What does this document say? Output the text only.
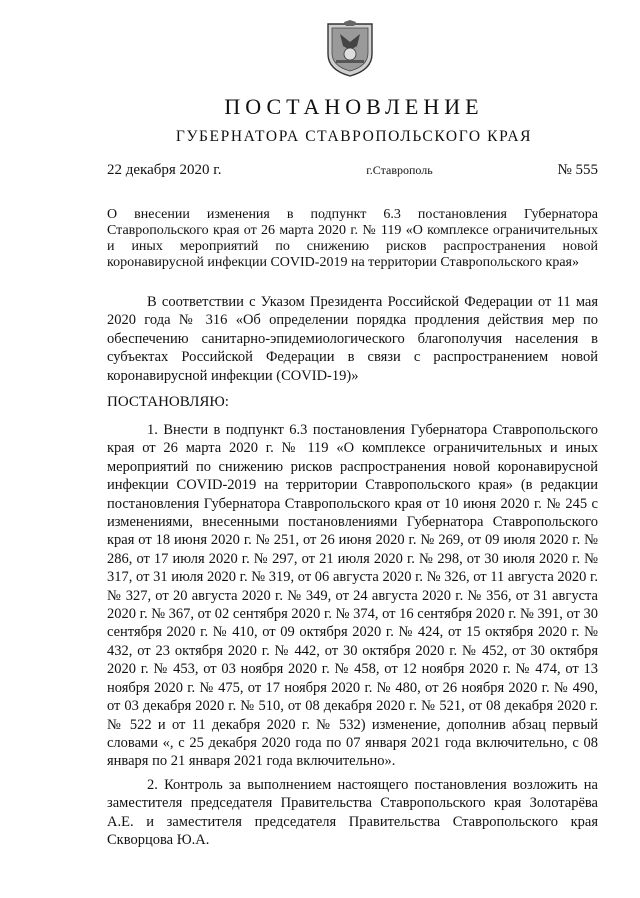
ПОСТАНОВЛЕНИЕ
ГУБЕРНАТОРА СТАВРОПОЛЬСКОГО КРАЯ
22 декабря 2020 г.	г.Ставрополь	№ 555

О внесении изменения в подпункт 6.3 постановления Губернатора Ставропольского края от 26 марта 2020 г. № 119 «О комплексе ограничительных и иных мероприятий по снижению рисков распространения новой коронавирусной инфекции COVID-2019 на территории Ставропольского края»

В соответствии с Указом Президента Российской Федерации от 11 мая 2020 года № 316 «Об определении порядка продления действия мер по обеспечению санитарно-эпидемиологического благополучия населения в субъектах Российской Федерации в связи с распространением новой коронавирусной инфекции (COVID-19)»

ПОСТАНОВЛЯЮ:

1. Внести в подпункт 6.3 постановления Губернатора Ставропольского края от 26 марта 2020 г. № 119 «О комплексе ограничительных и иных мероприятий по снижению рисков распространения новой коронавирусной инфекции COVID-2019 на территории Ставропольского края» (в редакции постановления Губернатора Ставропольского края от 10 июня 2020 г. № 245 с изменениями, внесенными постановлениями Губернатора Ставропольского края от 18 июня 2020 г. № 251, от 26 июня 2020 г. № 269, от 09 июля 2020 г. № 286, от 17 июля 2020 г. № 297, от 21 июля 2020 г. № 298, от 30 июля 2020 г. № 317, от 31 июля 2020 г. № 319, от 06 августа 2020 г. № 326, от 11 августа 2020 г. № 327, от 20 августа 2020 г. № 349, от 24 августа 2020 г. № 356, от 31 августа 2020 г. № 367, от 02 сентября 2020 г. № 374, от 16 сентября 2020 г. № 391, от 30 сентября 2020 г. № 410, от 09 октября 2020 г. № 424, от 15 октября 2020 г. № 432, от 23 октября 2020 г. № 442, от 30 октября 2020 г. № 452, от 30 октября 2020 г. № 453, от 03 ноября 2020 г. № 458, от 12 ноября 2020 г. № 474, от 13 ноября 2020 г. № 475, от 17 ноября 2020 г. № 480, от 26 ноября 2020 г. № 490, от 03 декабря 2020 г. № 510, от 08 декабря 2020 г. № 521, от 08 декабря 2020 г. № 522 и от 11 декабря 2020 г. № 532) изменение, дополнив абзац первый словами «, с 25 декабря 2020 года по 07 января 2021 года включительно, с 08 января по 21 января 2021 года включительно».

2. Контроль за выполнением настоящего постановления возложить на заместителя председателя Правительства Ставропольского края Золотарёва А.Е. и заместителя председателя Правительства Ставропольского края Скворцова Ю.А.
